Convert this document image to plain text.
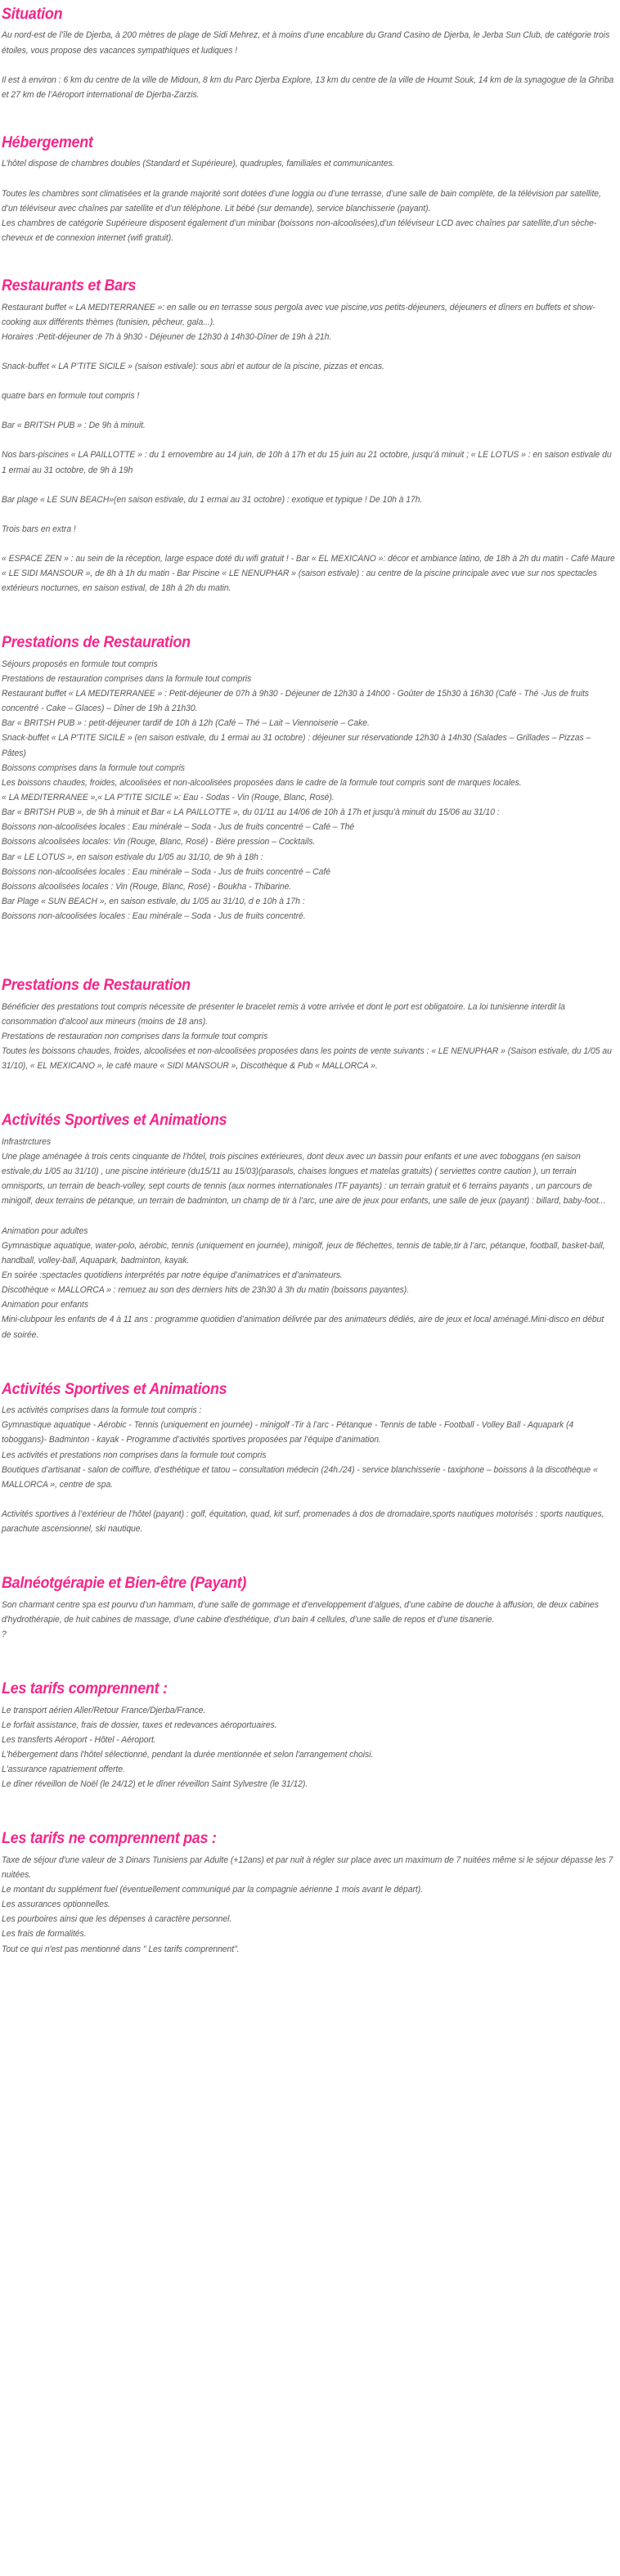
Situation

Au nord-est de l’île de Djerba, à 200 mètres de plage de Sidi Mehrez, et à moins d’une encablure du Grand Casino de Djerba, le Jerba Sun Club, de catégorie trois étoiles, vous propose des vacances sympathiques et ludiques !

Il est à environ : 6 km du centre de la ville de Midoun, 8 km du Parc Djerba Explore, 13 km du centre de la ville de Houmt Souk, 14 km de la synagogue de la Ghriba et 27 km de l’Aéroport international de Djerba-Zarzis.

Hébergement

L’hôtel dispose de chambres doubles (Standard et Supérieure), quadruples, familiales et communicantes.

Toutes les chambres sont climatisées et la grande majorité sont dotées d’une loggia ou d’une terrasse, d’une salle de bain complète, de la télévision par satellite, d’un téléviseur avec chaînes par satellite et d’un téléphone. Lit bébé (sur demande), service blanchisserie (payant).

Les chambres de catégorie Supérieure disposent également d’un minibar (boissons non-alcoolisées),d’un téléviseur LCD avec chaînes par satellite,d’un sèche-cheveux et de connexion internet (wifi gratuit).

Restaurants et Bars

Restaurant buffet « LA MEDITERRANEE »: en salle ou en terrasse sous pergola avec vue piscine,vos petits-déjeuners, déjeuners et dîners en buffets et show-cooking aux différents thèmes (tunisien, pêcheur, gala...).

Horaires :Petit-déjeuner de 7h à 9h30 - Déjeuner de 12h30 à 14h30-Dîner de 19h à 21h.

Snack-buffet « LA P’TITE SICILE » (saison estivale): sous abri et autour de la piscine, pizzas et encas.

quatre bars en formule tout compris !

Bar « BRITSH PUB » : De 9h à minuit.

Nos bars-piscines « LA PAILLOTTE » : du 1 ernovembre au 14 juin, de 10h à 17h et du 15 juin au 21 octobre, jusqu’à minuit ; « LE LOTUS » : en saison estivale du 1 ermai au 31 octobre, de 9h à 19h

Bar plage « LE SUN BEACH»(en saison estivale, du 1 ermai au 31 octobre) : exotique et typique ! De 10h à 17h.

Trois bars en extra !

« ESPACE ZEN » : au sein de la réception, large espace doté du wifi gratuit ! - Bar « EL MEXICANO »: décor et ambiance latino, de 18h à 2h du matin - Café Maure « LE SIDI MANSOUR », de 8h à 1h du matin - Bar Piscine « LE NENUPHAR » (saison estivale) : au centre de la piscine principale avec vue sur nos spectacles extérieurs nocturnes, en saison estival, de 18h à 2h du matin.

Prestations de Restauration

Séjours proposés en formule tout compris

Prestations de restauration comprises dans la formule tout compris

Restaurant buffet « LA MEDITERRANEE » : Petit-déjeuner de 07h à 9h30 - Déjeuner de 12h30 à 14h00 - Goûter de 15h30 à 16h30 (Café - Thé -Jus de fruits concentré - Cake – Glaces) – Dîner de 19h à 21h30.

Bar « BRITSH PUB » : petit-déjeuner tardif de 10h à 12h (Café – Thé – Lait – Viennoiserie – Cake.

Snack-buffet « LA P'TITE SICILE » (en saison estivale, du 1 ermai au 31 octobre) : déjeuner sur réservationde 12h30 à 14h30 (Salades – Grillades – Pizzas – Pâtes)

Boissons comprises dans la formule tout compris

Les boissons chaudes, froides, alcoolisées et non-alcoolisées proposées dans le cadre de la formule tout compris sont de marques locales.

« LA MEDITERRANEE »,« LA P'TITE SICILE »: Eau - Sodas - Vin (Rouge, Blanc, Rosé).

Bar « BRITSH PUB », de 9h à minuit et Bar « LA PAILLOTTE », du 01/11 au 14/06 de 10h à 17h et jusqu’à minuit du 15/06 au 31/10 :

Boissons non-alcoolisées locales : Eau minérale – Soda - Jus de fruits concentré – Café – Thé

Boissons alcoolisées locales: Vin (Rouge, Blanc, Rosé) - Bière pression – Cocktails.

Bar « LE LOTUS », en saison estivale du 1/05 au 31/10, de 9h à 18h :

Boissons non-alcoolisées locales : Eau minérale – Soda - Jus de fruits concentré – Café

Boissons alcoolisées locales : Vin (Rouge, Blanc, Rosé) - Boukha - Thibarine.

Bar Plage « SUN BEACH », en saison estivale, du 1/05 au 31/10, d e 10h à 17h :

Boissons non-alcoolisées locales : Eau minérale – Soda - Jus de fruits concentré.

Prestations de Restauration

Bénéficier des prestations tout compris nécessite de présenter le bracelet remis à votre arrivée et dont le port est obligatoire. La loi tunisienne interdit la consommation d’alcool aux mineurs (moins de 18 ans).

Prestations de restauration non comprises dans la formule tout compris

Toutes les boissons chaudes, froides, alcoolisées et non-alcoolisées proposées dans les points de vente suivants : « LE NENUPHAR » (Saison estivale, du 1/05 au 31/10), « EL MEXICANO », le café maure « SIDI MANSOUR », Discothèque & Pub « MALLORCA ».

Activités Sportives et Animations

Infrastrctures

Une plage aménagée à trois cents cinquante de l’hôtel, trois piscines extérieures, dont deux avec un bassin pour enfants et une avec toboggans (en saison estivale,du 1/05 au 31/10) , une piscine intérieure (du15/11 au 15/03)(parasols, chaises longues et matelas gratuits) ( serviettes contre caution ), un terrain omnisports, un terrain de beach-volley, sept courts de tennis (aux normes internationales ITF payants) : un terrain gratuit et 6 terrains payants , un parcours de minigolf, deux terrains de pétanque, un terrain de badminton, un champ de tir à l’arc, une aire de jeux pour enfants, une salle de jeux (payant) : billard, baby-foot...

Animation pour adultes

Gymnastique aquatique, water-polo, aérobic, tennis (uniquement en journée), minigolf, jeux de fléchettes, tennis de table,tir à l’arc, pétanque, football, basket-ball, handball, volley-ball, Aquapark, badminton, kayak.

En soirée :spectacles quotidiens interprétés par notre équipe d’animatrices et d’animateurs.

Discothèque « MALLORCA » : remuez au son des derniers hits de 23h30 à 3h du matin (boissons payantes).

Animation pour enfants

Mini-clubpour les enfants de 4 à 11 ans : programme quotidien d’animation délivrée par des animateurs dédiés, aire de jeux et local aménagé.Mini-disco en début de soirée.

Activités Sportives et Animations

Les activités comprises dans la formule tout compris :

Gymnastique aquatique - Aérobic - Tennis (uniquement en journée) - minigolf -Tir à l’arc - Pétanque - Tennis de table - Football - Volley Ball - Aquapark (4 toboggans)- Badminton - kayak - Programme d’activités sportives proposées par l’équipe d’animation.

Les activités et prestations non comprises dans la formule tout compris

Boutiques d’artisanat - salon de coiffure, d’esthétique et tatou – consultation médecin (24h./24) - service blanchisserie - taxiphone – boissons à la discothèque « MALLORCA », centre de spa.

Activités sportives à l’extérieur de l’hôtel (payant) : golf, équitation, quad, kit surf, promenades à dos de dromadaire,sports nautiques motorisés : sports nautiques, parachute ascensionnel, ski nautique.

Balnéotgérapie et Bien-être (Payant)

Son charmant centre spa est pourvu d’un hammam, d’une salle de gommage et d’enveloppement d’algues, d’une cabine de douche à affusion, de deux cabines d'hydrothérapie, de huit cabines de massage, d’une cabine d'esthétique, d’un bain 4 cellules, d’une salle de repos et d’une tisanerie.

?

Les tarifs comprennent :

Le transport aérien Aller/Retour France/Djerba/France.

Le forfait assistance, frais de dossier, taxes et redevances aéroportuaires.

Les transferts Aéroport - Hôtel - Aéroport.

L'hébergement dans l'hôtel sélectionné, pendant la durée mentionnée et selon l'arrangement choisi.

L'assurance rapatriement offerte.

Le dîner réveillon de Noël (le 24/12) et le dîner réveillon Saint Sylvestre (le 31/12).

Les tarifs ne comprennent pas :

Taxe de séjour d'une valeur de 3 Dinars Tunisiens par Adulte (+12ans) et par nuit à régler sur place avec un maximum de 7 nuitées même si le séjour dépasse les 7 nuitées.

Le montant du supplément fuel (éventuellement communiqué par la compagnie aérienne 1 mois avant le départ).

Les assurances optionnelles.

Les pourboires ainsi que les dépenses à caractère personnel.

Les frais de formalités.

Tout ce qui n'est pas mentionné dans " Les tarifs comprennent".
